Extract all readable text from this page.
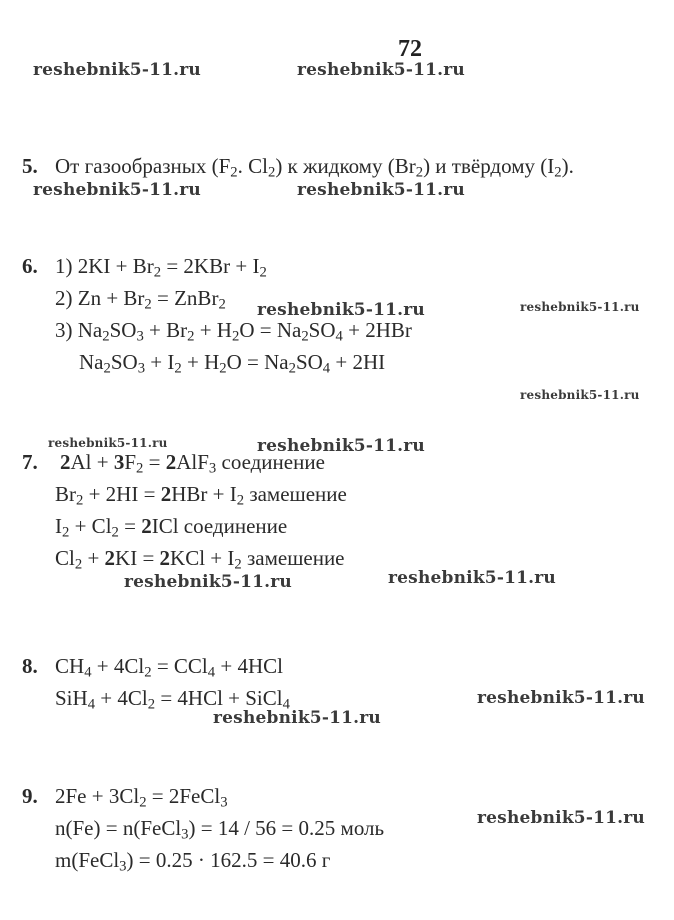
72
reshebnik5-11.ru	reshebnik5-11.ru
reshebnik5-11.ru	reshebnik5-11.ru
reshebnik5-11.ru	reshebnik5-11.ru
reshebnik5-11.ru
reshebnik5-11.ru	reshebnik5-11.ru
reshebnik5-11.ru	reshebnik5-11.ru
reshebnik5-11.ru
reshebnik5-11.ru
reshebnik5-11.ru
5. От газообразных ($F_2$. $Cl_2$) к жидкому $(Br_2)$ и твёрдому $(I_2)$.
6. 1) $2KI + Br_2 = 2KBr + I_2$
2) $Zn + Br_2$ = ZnBr$_2$
3) $Na_2SO_3 + Br_2 + H_2O = Na_2SO_4 + 2HBr$
$Na_2SO_3 + I_2 + H_2O = Na_2SO_4 + 2HI$
7. $2Al + 3F_2 = 2AlF_3$ соединение
$Br_2 + 2HI = 2HBr + I_2$ замешение
$I_2 + Cl_2 = 2ICl$ соединение
$Cl_2 + 2KI = 2KCl + I_2$ замешение
8. $CH_4 + 4Cl_2 = CCl_4 + 4HCl$
$SiH_4 + 4Cl_2 = 4HCl$ + SiCl$_4$
9. $2Fe + 3Cl_2$ = 2FeCl$_3$
n(Fe) = n(FeCl$_3$) = 14 / 56 = 0.25 моль
m(FeCl$_3$) = 0.25 · 162.5 = 40.6 г
